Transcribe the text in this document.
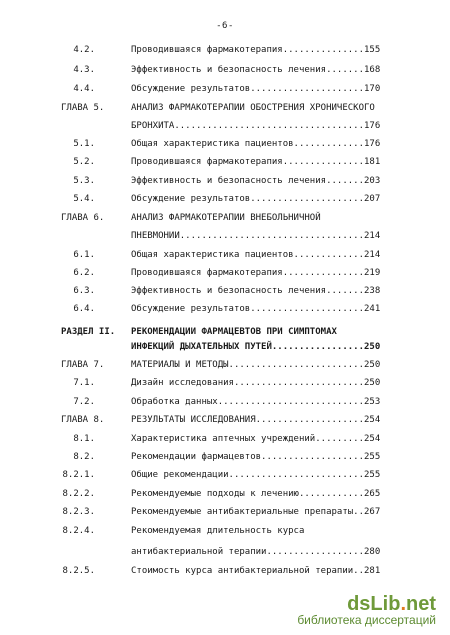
-6-
4.2.	Проводившаяся фармакотерапия...............155
4.3.	Эффективность и безопасность лечения.......168
4.4.	Обсуждение результатов.....................170
ГЛАВА 5.	АНАЛИЗ ФАРМАКОТЕРАПИИ ОБОСТРЕНИЯ ХРОНИЧЕСКОГО
БРОНХИТА...................................176
5.1.	Общая характеристика пациентов.............176
5.2.	Проводившаяся фармакотерапия...............181
5.3.	Эффективность и безопасность лечения.......203
5.4.	Обсуждение результатов.....................207
ГЛАВА 6.	АНАЛИЗ ФАРМАКОТЕРАПИИ ВНЕБОЛЬНИЧНОЙ
ПНЕВМОНИИ..................................214
6.1.	Общая характеристика пациентов.............214
6.2.	Проводившаяся фармакотерапия...............219
6.3.	Эффективность и безопасность лечения.......238
6.4.	Обсуждение результатов.....................241
РАЗДЕЛ II. РЕКОМЕНДАЦИИ ФАРМАЦЕВТОВ ПРИ СИМПТОМАХ
ИНФЕКЦИЙ ДЫХАТЕЛЬНЫХ ПУТЕЙ.................250
ГЛАВА 7.	МАТЕРИАЛЫ И МЕТОДЫ.........................250
7.1.	Дизайн исследования........................250
7.2.	Обработка данных...........................253
ГЛАВА 8.	РЕЗУЛЬТАТЫ ИССЛЕДОВАНИЯ....................254
8.1.	Характеристика аптечных учреждений.........254
8.2.	Рекомендации фармацевтов...................255
8.2.1.	Общие рекомендации.........................255
8.2.2.	Рекомендуемые подходы к лечению............265
8.2.3.	Рекомендуемые антибактериальные препараты..267
8.2.4.	Рекомендуемая длительность курса
антибактериальной терапии..................280
8.2.5.	Стоимость курса антибактериальной терапии..281
dsLib.net
библиотека диссертаций
